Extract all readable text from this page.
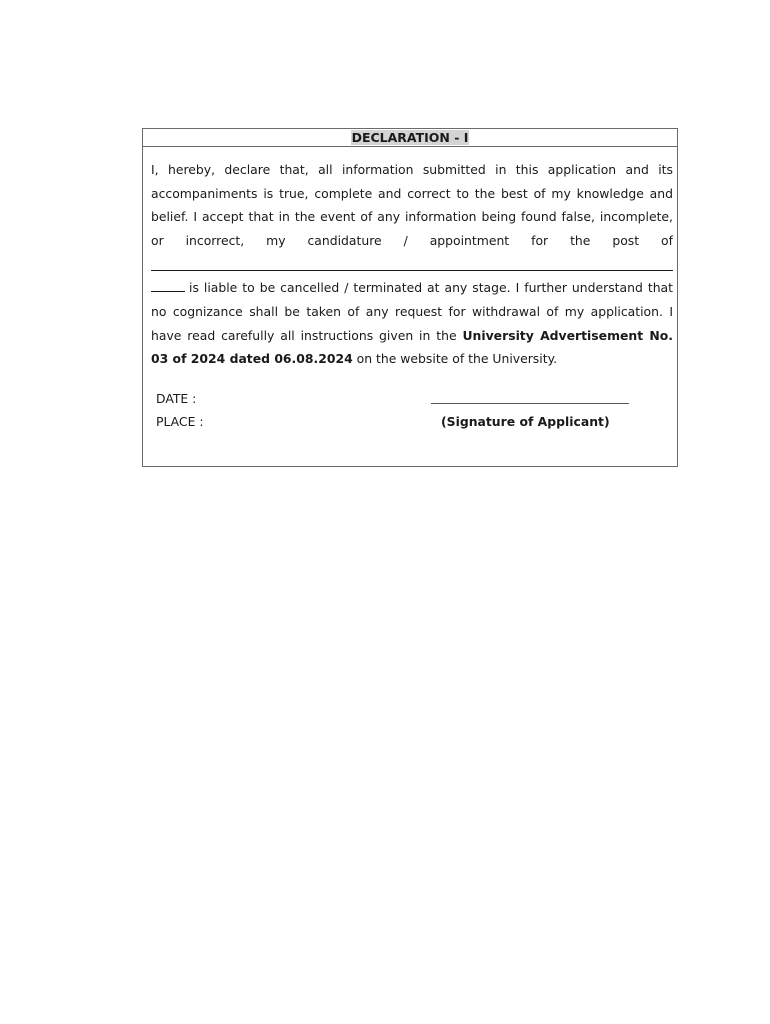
DECLARATION - I
I, hereby, declare that, all information submitted in this application and its
accompaniments is true, complete and correct to the best of my knowledge and
belief. I accept that in the event of any information being found false, incomplete,
or incorrect, my candidature / appointment for the post of
is liable to be cancelled / terminated at any stage. I further understand that
no cognizance shall be taken of any request for withdrawal of my application. I
have read carefully all instructions given in the University Advertisement No.
03 of 2024 dated 06.08.2024 on the website of the University.
DATE :
PLACE :	(Signature of Applicant)
